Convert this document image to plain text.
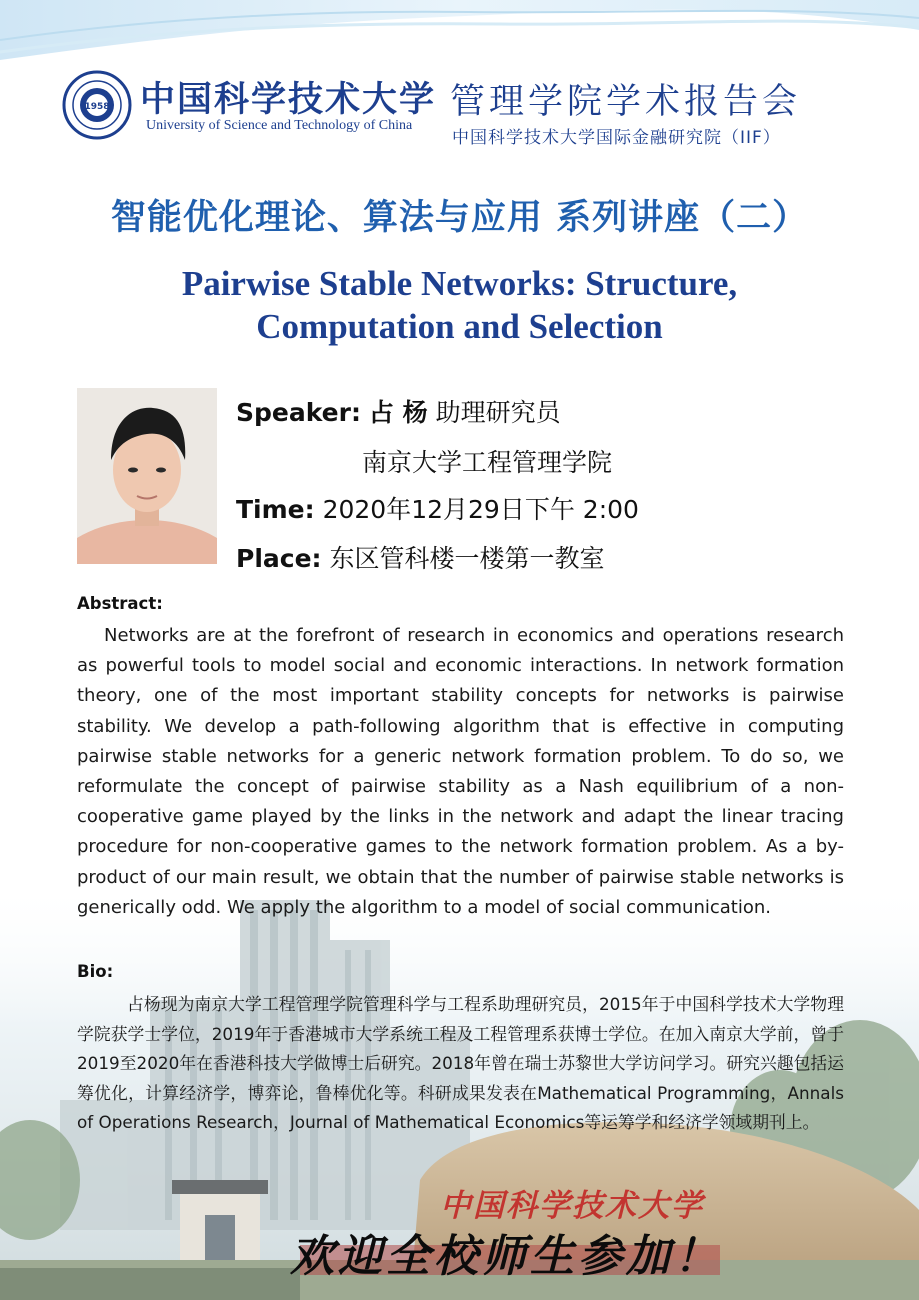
1958 中国科学技术大学
University of Science and Technology of China
管理学院学术报告会
中国科学技术大学国际金融研究院（IIF）
智能优化理论、算法与应用 系列讲座（二）
Pairwise Stable Networks: Structure,
Computation and Selection
Speaker: 占 杨 助理研究员
南京大学工程管理学院
Time: 2020年12月29日下午 2:00
Place: 东区管科楼一楼第一教室
Abstract:

Networks are at the forefront of research in economics and operations research as powerful tools to model social and economic interactions. In network formation theory, one of the most important stability concepts for networks is pairwise stability. We develop a path-following algorithm that is effective in computing pairwise stable networks for a generic network formation problem. To do so, we reformulate the concept of pairwise stability as a Nash equilibrium of a non-cooperative game played by the links in the network and adapt the linear tracing procedure for non-cooperative games to the network formation problem. As a by-product of our main result, we obtain that the number of pairwise stable networks is generically odd. We apply the algorithm to a model of social communication.

Bio:

占杨现为南京大学工程管理学院管理科学与工程系助理研究员，2015年于中国科学技术大学物理学院获学士学位，2019年于香港城市大学系统工程及工程管理系获博士学位。在加入南京大学前，曾于2019至2020年在香港科技大学做博士后研究。2018年曾在瑞士苏黎世大学访问学习。研究兴趣包括运筹优化，计算经济学，博弈论，鲁棒优化等。科研成果发表在Mathematical Programming，Annals of Operations Research，Journal of Mathematical Economics等运筹学和经济学领域期刊上。

中国科学技术大学
欢迎全校师生参加！
